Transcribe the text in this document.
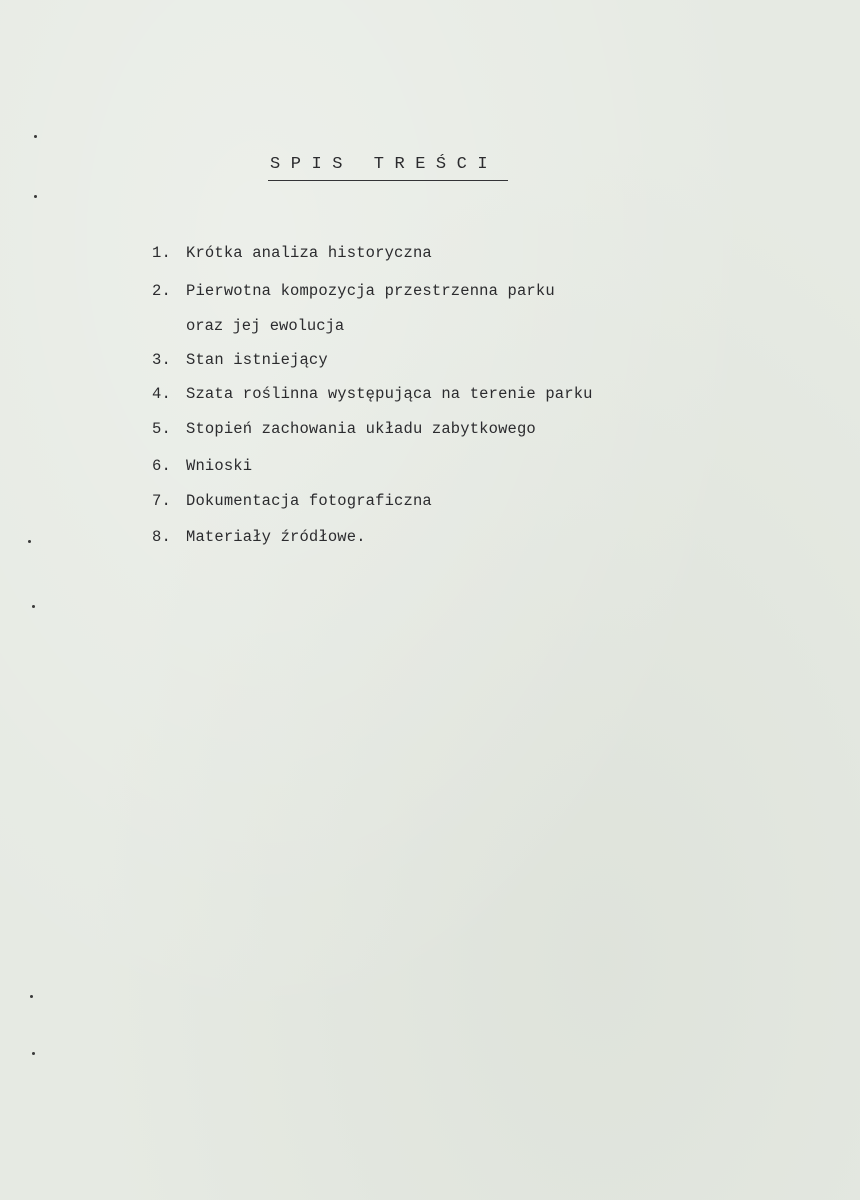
SPIS TREŚCI
1. Krótka analiza historyczna
2. Pierwotna kompozycja przestrzenna parku
oraz jej ewolucja
3. Stan istniejący
4. Szata roślinna występująca na terenie parku
5. Stopień zachowania układu zabytkowego
6. Wnioski
7. Dokumentacja fotograficzna
8. Materiały źródłowe.
